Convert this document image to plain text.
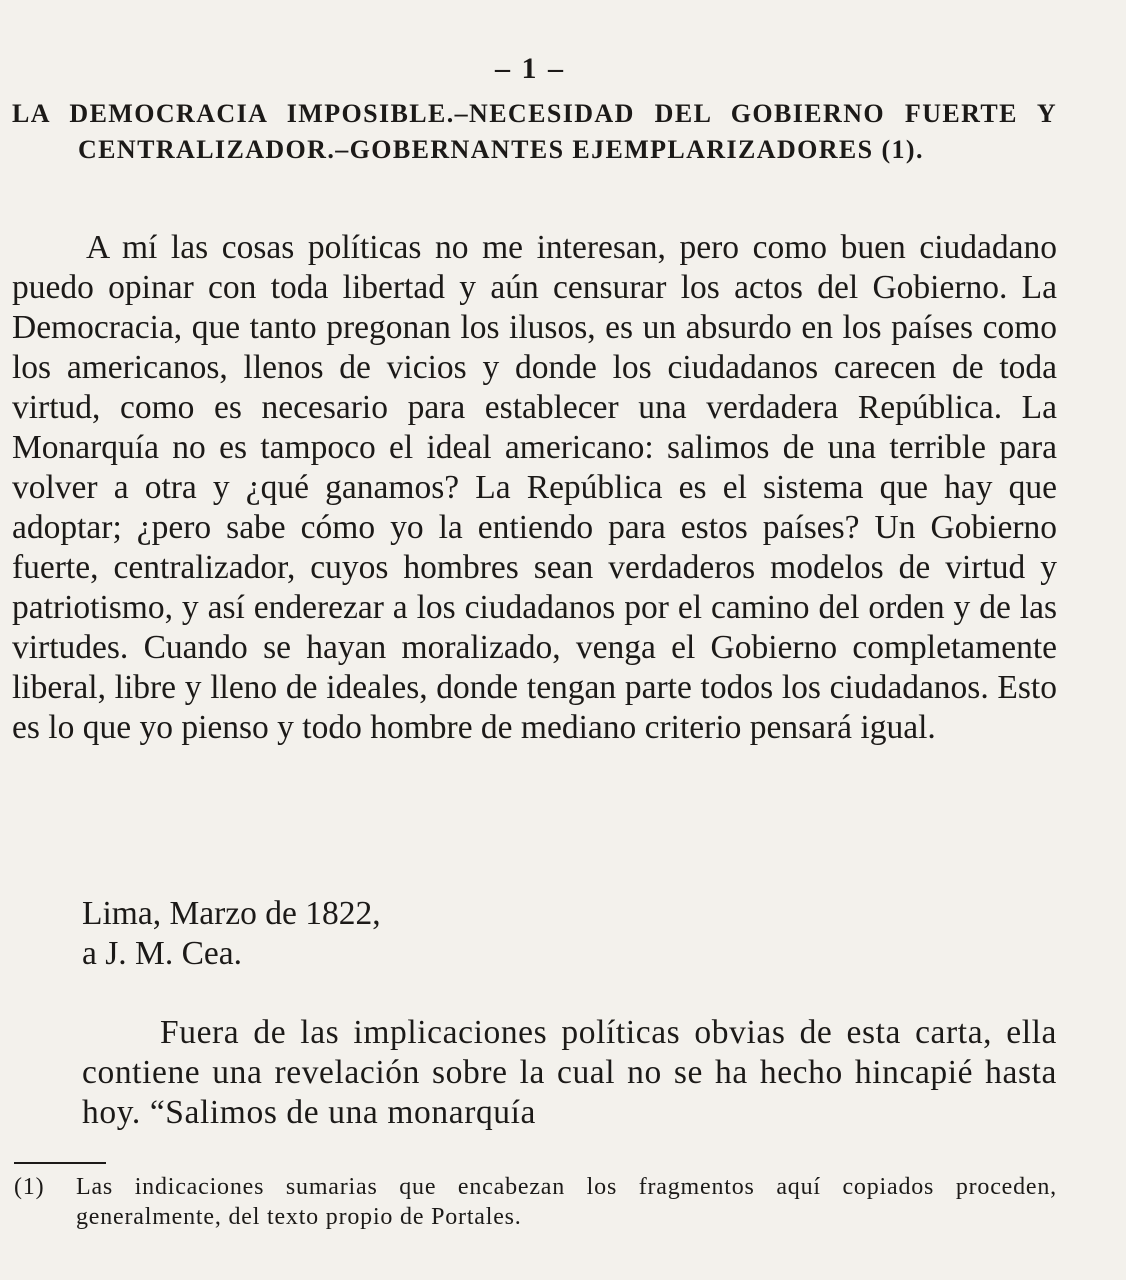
– 1 –
LA DEMOCRACIA IMPOSIBLE.–NECESIDAD DEL GOBIERNO FUERTE Y CENTRALIZADOR.–GOBERNANTES EJEMPLARIZADORES (1).

A mí las cosas políticas no me interesan, pero como buen ciudadano puedo opinar con toda libertad y aún censurar los actos del Gobierno. La Democracia, que tanto pregonan los ilusos, es un absurdo en los países como los americanos, llenos de vicios y donde los ciudadanos carecen de toda virtud, como es necesario para establecer una verdadera República. La Monarquía no es tampoco el ideal americano: salimos de una terrible para volver a otra y ¿qué ganamos? La República es el sistema que hay que adoptar; ¿pero sabe cómo yo la entiendo para estos países? Un Gobierno fuerte, centralizador, cuyos hombres sean verdaderos modelos de virtud y patriotismo, y así enderezar a los ciudadanos por el camino del orden y de las virtudes. Cuando se hayan moralizado, venga el Gobierno completamente liberal, libre y lleno de ideales, donde tengan parte todos los ciudadanos. Esto es lo que yo pienso y todo hombre de mediano criterio pensará igual.

Lima, Marzo de 1822,
a J. M. Cea.

Fuera de las implicaciones políticas obvias de esta carta, ella contiene una revelación sobre la cual no se ha hecho hincapié hasta hoy. “Salimos de una monarquía

(1) Las indicaciones sumarias que encabezan los fragmentos aquí copiados proceden, generalmente, del texto propio de Portales.
